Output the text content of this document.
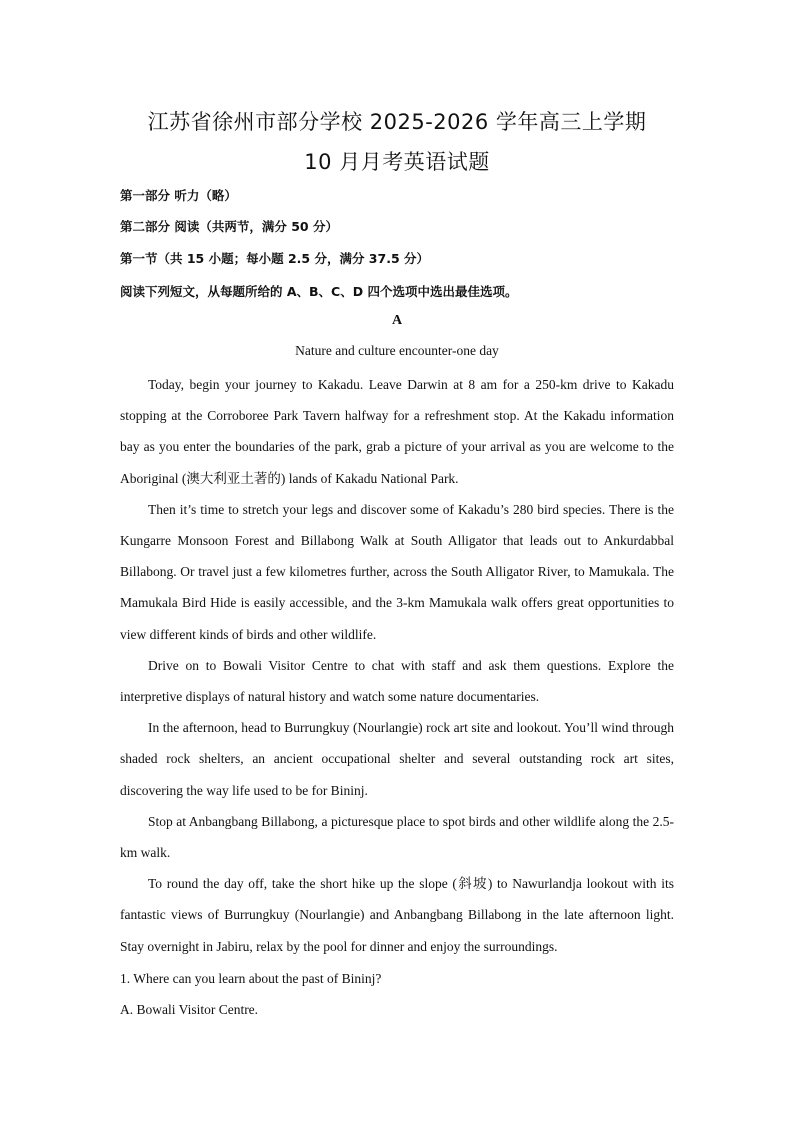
江苏省徐州市部分学校 2025-2026 学年高三上学期
10 月月考英语试题
第一部分 听力（略）
第二部分 阅读（共两节，满分 50 分）
第一节（共 15 小题；每小题 2.5 分，满分 37.5 分）
阅读下列短文，从每题所给的 A、B、C、D 四个选项中选出最佳选项。
A
Nature and culture encounter-one day

Today, begin your journey to Kakadu. Leave Darwin at 8 am for a 250-km drive to Kakadu stopping at the Corroboree Park Tavern halfway for a refreshment stop. At the Kakadu information bay as you enter the boundaries of the park, grab a picture of your arrival as you are welcome to the Aboriginal (澳大利亚土著的) lands of Kakadu National Park.

Then it’s time to stretch your legs and discover some of Kakadu’s 280 bird species. There is the Kungarre Monsoon Forest and Billabong Walk at South Alligator that leads out to Ankurdabbal Billabong. Or travel just a few kilometres further, across the South Alligator River, to Mamukala. The Mamukala Bird Hide is easily accessible, and the 3-km Mamukala walk offers great opportunities to view different kinds of birds and other wildlife.

Drive on to Bowali Visitor Centre to chat with staff and ask them questions. Explore the interpretive displays of natural history and watch some nature documentaries.

In the afternoon, head to Burrungkuy (Nourlangie) rock art site and lookout. You’ll wind through shaded rock shelters, an ancient occupational shelter and several outstanding rock art sites, discovering the way life used to be for Bininj.

Stop at Anbangbang Billabong, a picturesque place to spot birds and other wildlife along the 2.5-km walk.

To round the day off, take the short hike up the slope (斜坡) to Nawurlandja lookout with its fantastic views of Burrungkuy (Nourlangie) and Anbangbang Billabong in the late afternoon light. Stay overnight in Jabiru, relax by the pool for dinner and enjoy the surroundings.

1. Where can you learn about the past of Bininj?
A. Bowali Visitor Centre.
